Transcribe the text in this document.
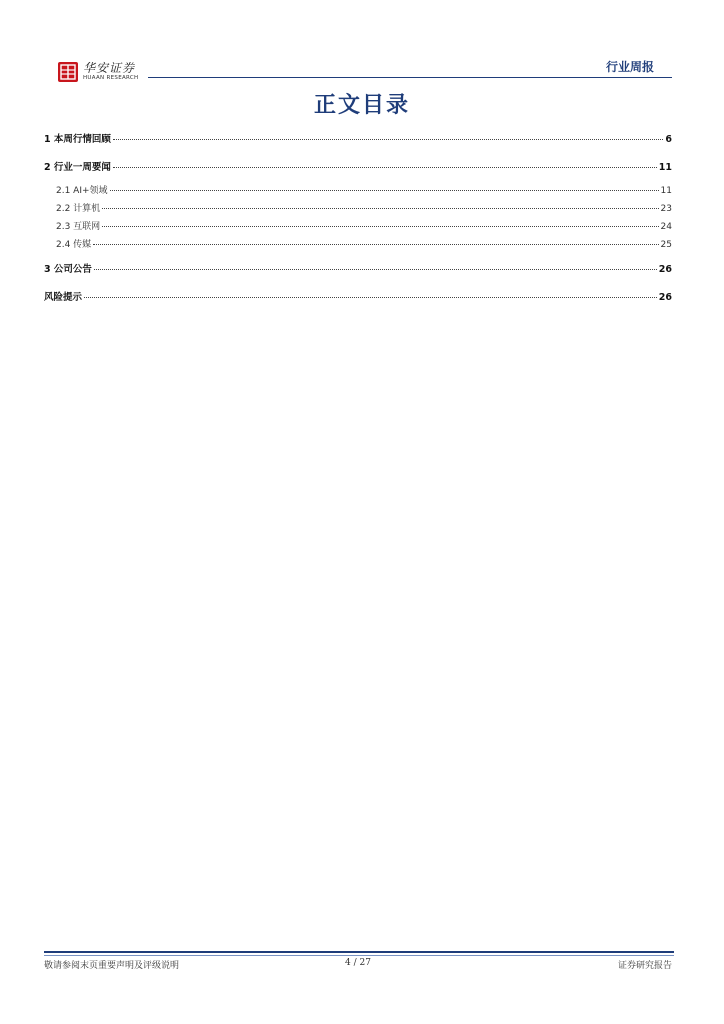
华安证券
HUAAN RESEARCH
行业周报
正文目录
1 本周行情回顾	6
2 行业一周要闻	11
2.1 AI+领域	11
2.2 计算机	23
2.3 互联网	24
2.4 传媒	25
3 公司公告	26
风险提示	26
敬请参阅末页重要声明及评级说明	4 / 27	证券研究报告
